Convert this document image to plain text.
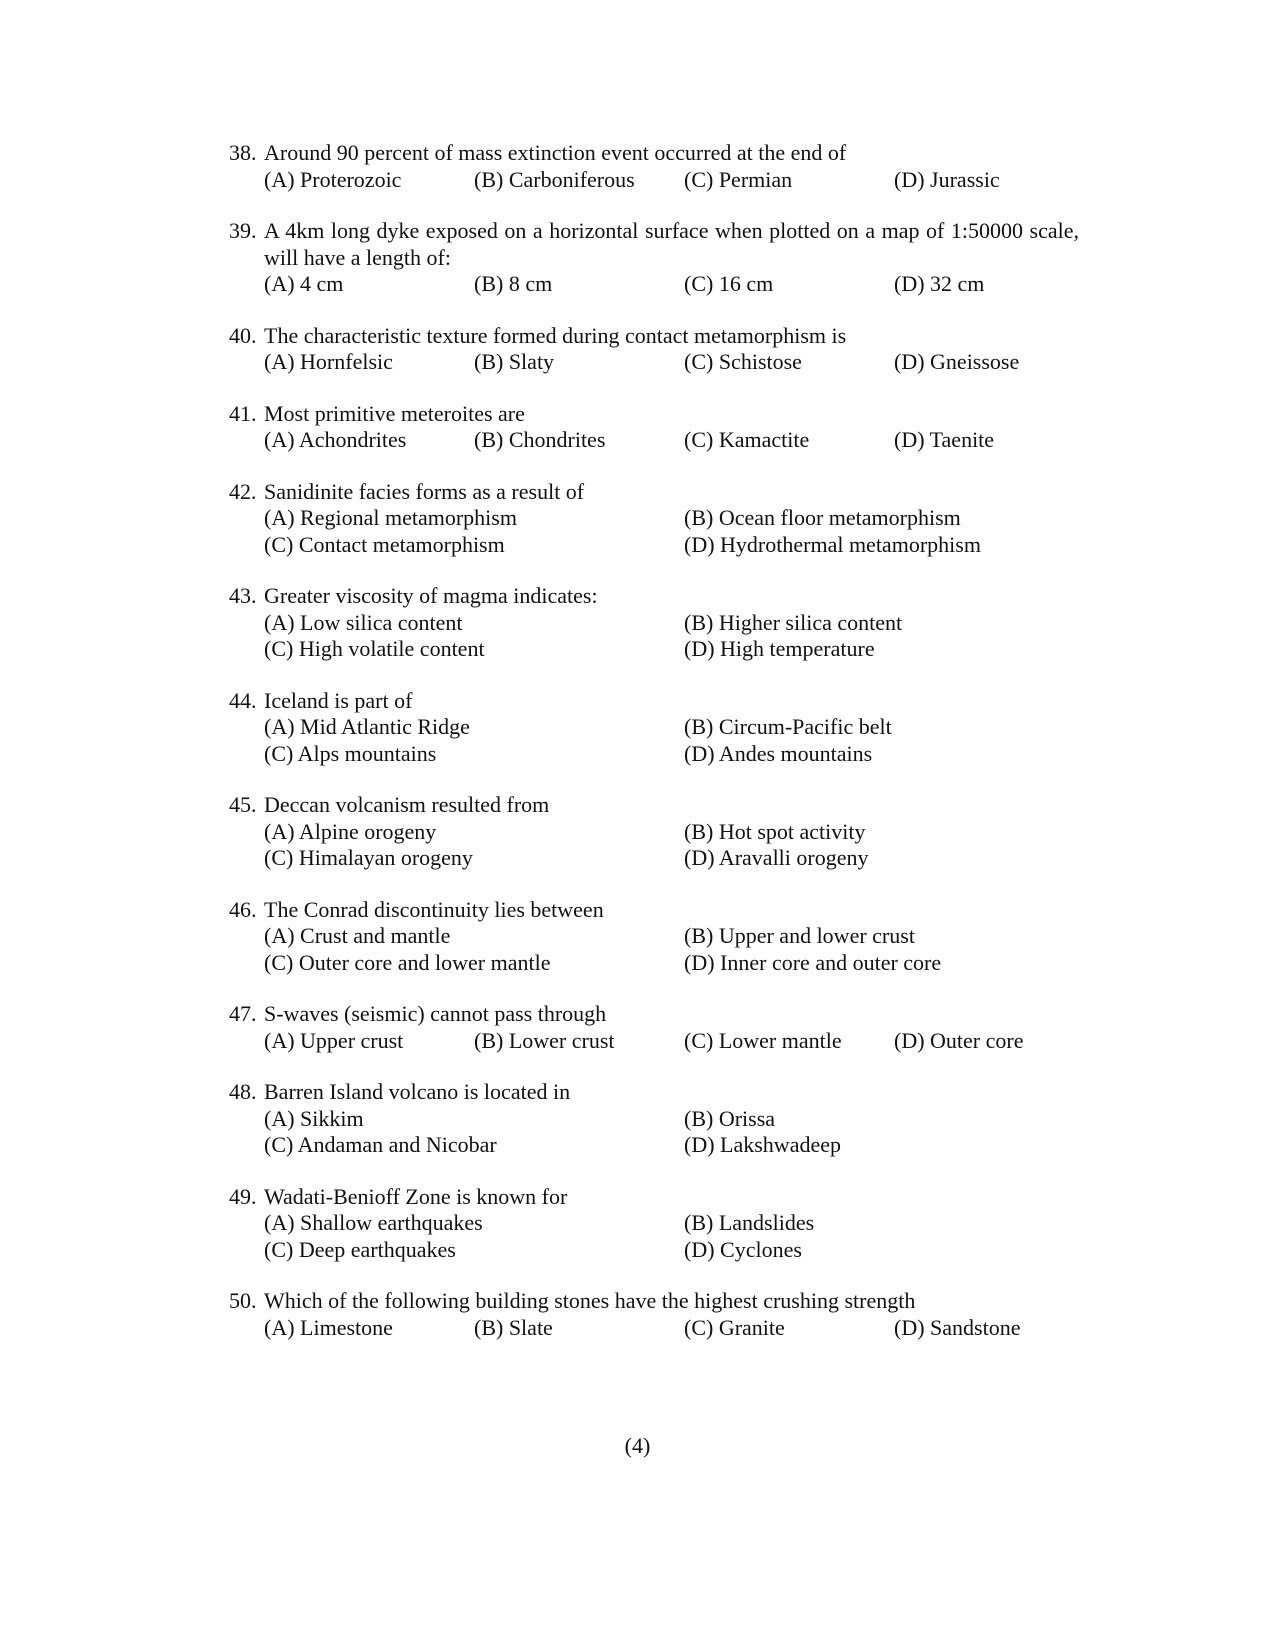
38. Around 90 percent of mass extinction event occurred at the end of
(A) Proterozoic	(B) Carboniferous	(C) Permian	(D) Jurassic
39. A 4km long dyke exposed on a horizontal surface when plotted on a map of 1:50000 scale, will have a length of:
(A) 4 cm	(B) 8 cm	(C) 16 cm	(D) 32 cm
40. The characteristic texture formed during contact metamorphism is
(A) Hornfelsic	(B) Slaty	(C) Schistose	(D) Gneissose
41. Most primitive meteroites are
(A) Achondrites	(B) Chondrites	(C) Kamactite	(D) Taenite
42. Sanidinite facies forms as a result of
(A) Regional metamorphism	(B) Ocean floor metamorphism
(C) Contact metamorphism	(D) Hydrothermal metamorphism
43. Greater viscosity of magma indicates:
(A) Low silica content	(B) Higher silica content
(C) High volatile content	(D) High temperature
44. Iceland is part of
(A) Mid Atlantic Ridge	(B) Circum-Pacific belt
(C) Alps mountains	(D) Andes mountains
45. Deccan volcanism resulted from
(A) Alpine orogeny	(B) Hot spot activity
(C) Himalayan orogeny	(D) Aravalli orogeny
46. The Conrad discontinuity lies between
(A) Crust and mantle	(B) Upper and lower crust
(C) Outer core and lower mantle	(D) Inner core and outer core
47. S-waves (seismic) cannot pass through
(A) Upper crust	(B) Lower crust	(C) Lower mantle	(D) Outer core
48. Barren Island volcano is located in
(A) Sikkim	(B) Orissa
(C) Andaman and Nicobar	(D) Lakshwadeep
49. Wadati-Benioff Zone is known for
(A) Shallow earthquakes	(B) Landslides
(C) Deep earthquakes	(D) Cyclones
50. Which of the following building stones have the highest crushing strength
(A) Limestone	(B) Slate	(C) Granite	(D) Sandstone
(4)
